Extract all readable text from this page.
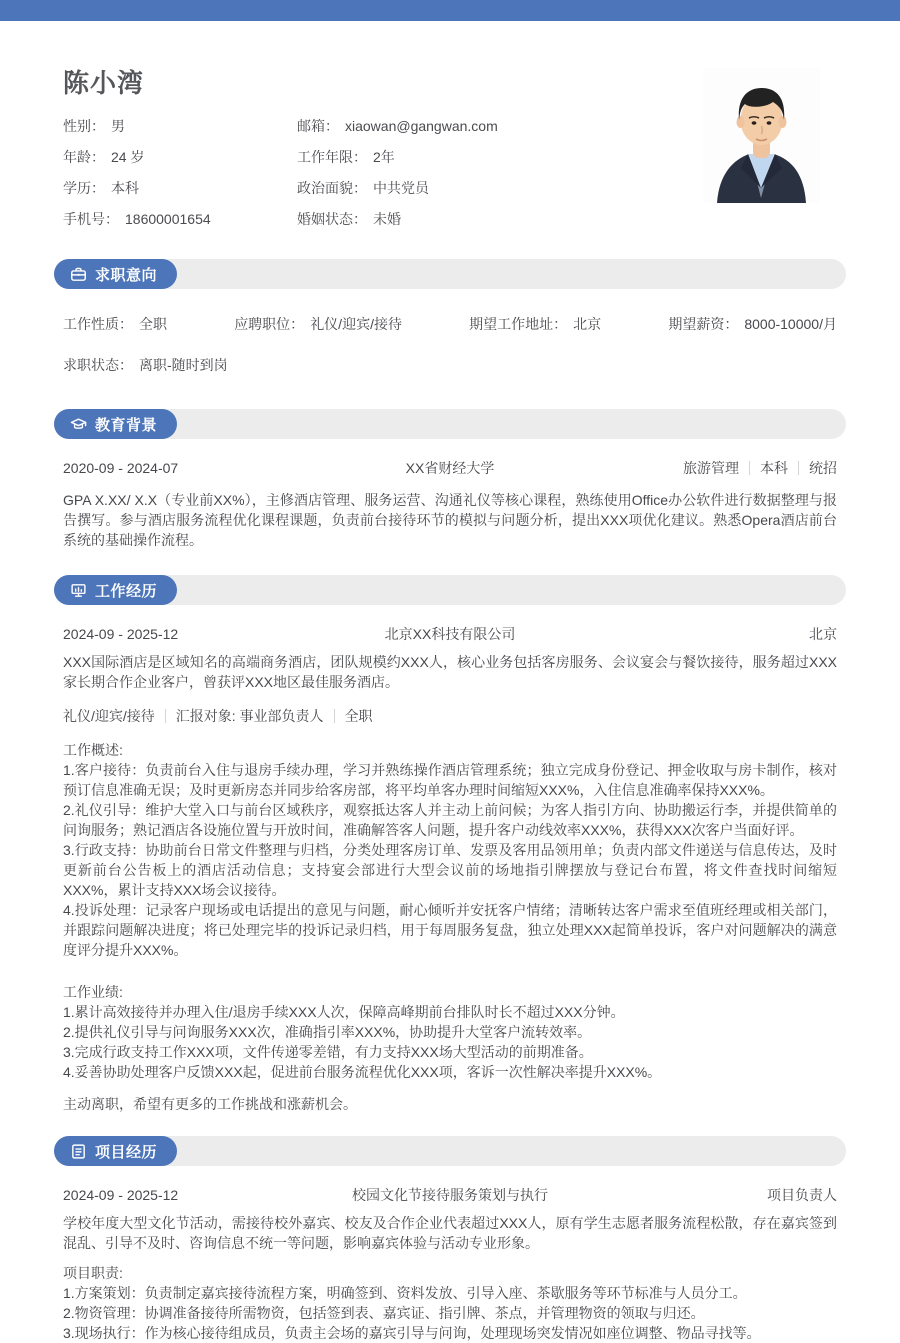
陈小湾
性别： 男	邮箱： xiaowan@gangwan.com
年龄： 24 岁	工作年限： 2年
学历： 本科	政治面貌： 中共党员
手机号： 18600001654	婚姻状态： 未婚
求职意向
工作性质： 全职	应聘职位： 礼仪/迎宾/接待	期望工作地址： 北京	期望薪资： 8000-10000/月
求职状态： 离职-随时到岗
教育背景
2020-09 - 2024-07	XX省财经大学	旅游管理 本科 统招

GPA X.XX/ X.X（专业前XX%），主修酒店管理、服务运营、沟通礼仪等核心课程，熟练使用Office办公软件进行数据整理与报告撰写。参与酒店服务流程优化课程课题，负责前台接待环节的模拟与问题分析，提出XXX项优化建议。熟悉Opera酒店前台系统的基础操作流程。

工作经历
2024-09 - 2025-12	北京XX科技有限公司	北京

XXX国际酒店是区域知名的高端商务酒店，团队规模约XXX人，核心业务包括客房服务、会议宴会与餐饮接待，服务超过XXX家长期合作企业客户，曾获评XXX地区最佳服务酒店。

礼仪/迎宾/接待 汇报对象: 事业部负责人 全职
工作概述:
1.客户接待：负责前台入住与退房手续办理，学习并熟练操作酒店管理系统；独立完成身份登记、押金收取与房卡制作，核对预订信息准确无误；及时更新房态并同步给客房部，将平均单客办理时间缩短XXX%，入住信息准确率保持XXX%。
2.礼仪引导：维护大堂入口与前台区域秩序，观察抵达客人并主动上前问候；为客人指引方向、协助搬运行李，并提供简单的问询服务；熟记酒店各设施位置与开放时间，准确解答客人问题，提升客户动线效率XXX%，获得XXX次客户当面好评。
3.行政支持：协助前台日常文件整理与归档，分类处理客房订单、发票及客用品领用单；负责内部文件递送与信息传达，及时更新前台公告板上的酒店活动信息；支持宴会部进行大型会议前的场地指引牌摆放与登记台布置，将文件查找时间缩短XXX%，累计支持XXX场会议接待。
4.投诉处理：记录客户现场或电话提出的意见与问题，耐心倾听并安抚客户情绪；清晰转达客户需求至值班经理或相关部门，并跟踪问题解决进度；将已处理完毕的投诉记录归档，用于每周服务复盘，独立处理XXX起简单投诉，客户对问题解决的满意度评分提升XXX%。
工作业绩:
1.累计高效接待并办理入住/退房手续XXX人次，保障高峰期前台排队时长不超过XXX分钟。
2.提供礼仪引导与问询服务XXX次，准确指引率XXX%，协助提升大堂客户流转效率。
3.完成行政支持工作XXX项，文件传递零差错，有力支持XXX场大型活动的前期准备。
4.妥善协助处理客户反馈XXX起，促进前台服务流程优化XXX项，客诉一次性解决率提升XXX%。
主动离职，希望有更多的工作挑战和涨薪机会。
项目经历
2024-09 - 2025-12	校园文化节接待服务策划与执行	项目负责人

学校年度大型文化节活动，需接待校外嘉宾、校友及合作企业代表超过XXX人，原有学生志愿者服务流程松散，存在嘉宾签到混乱、引导不及时、咨询信息不统一等问题，影响嘉宾体验与活动专业形象。

项目职责:
1.方案策划：负责制定嘉宾接待流程方案，明确签到、资料发放、引导入座、茶歇服务等环节标准与人员分工。
2.物资管理：协调准备接待所需物资，包括签到表、嘉宾证、指引牌、茶点，并管理物资的领取与归还。
3.现场执行：作为核心接待组成员，负责主会场的嘉宾引导与问询，处理现场突发情况如座位调整、物品寻找等。
